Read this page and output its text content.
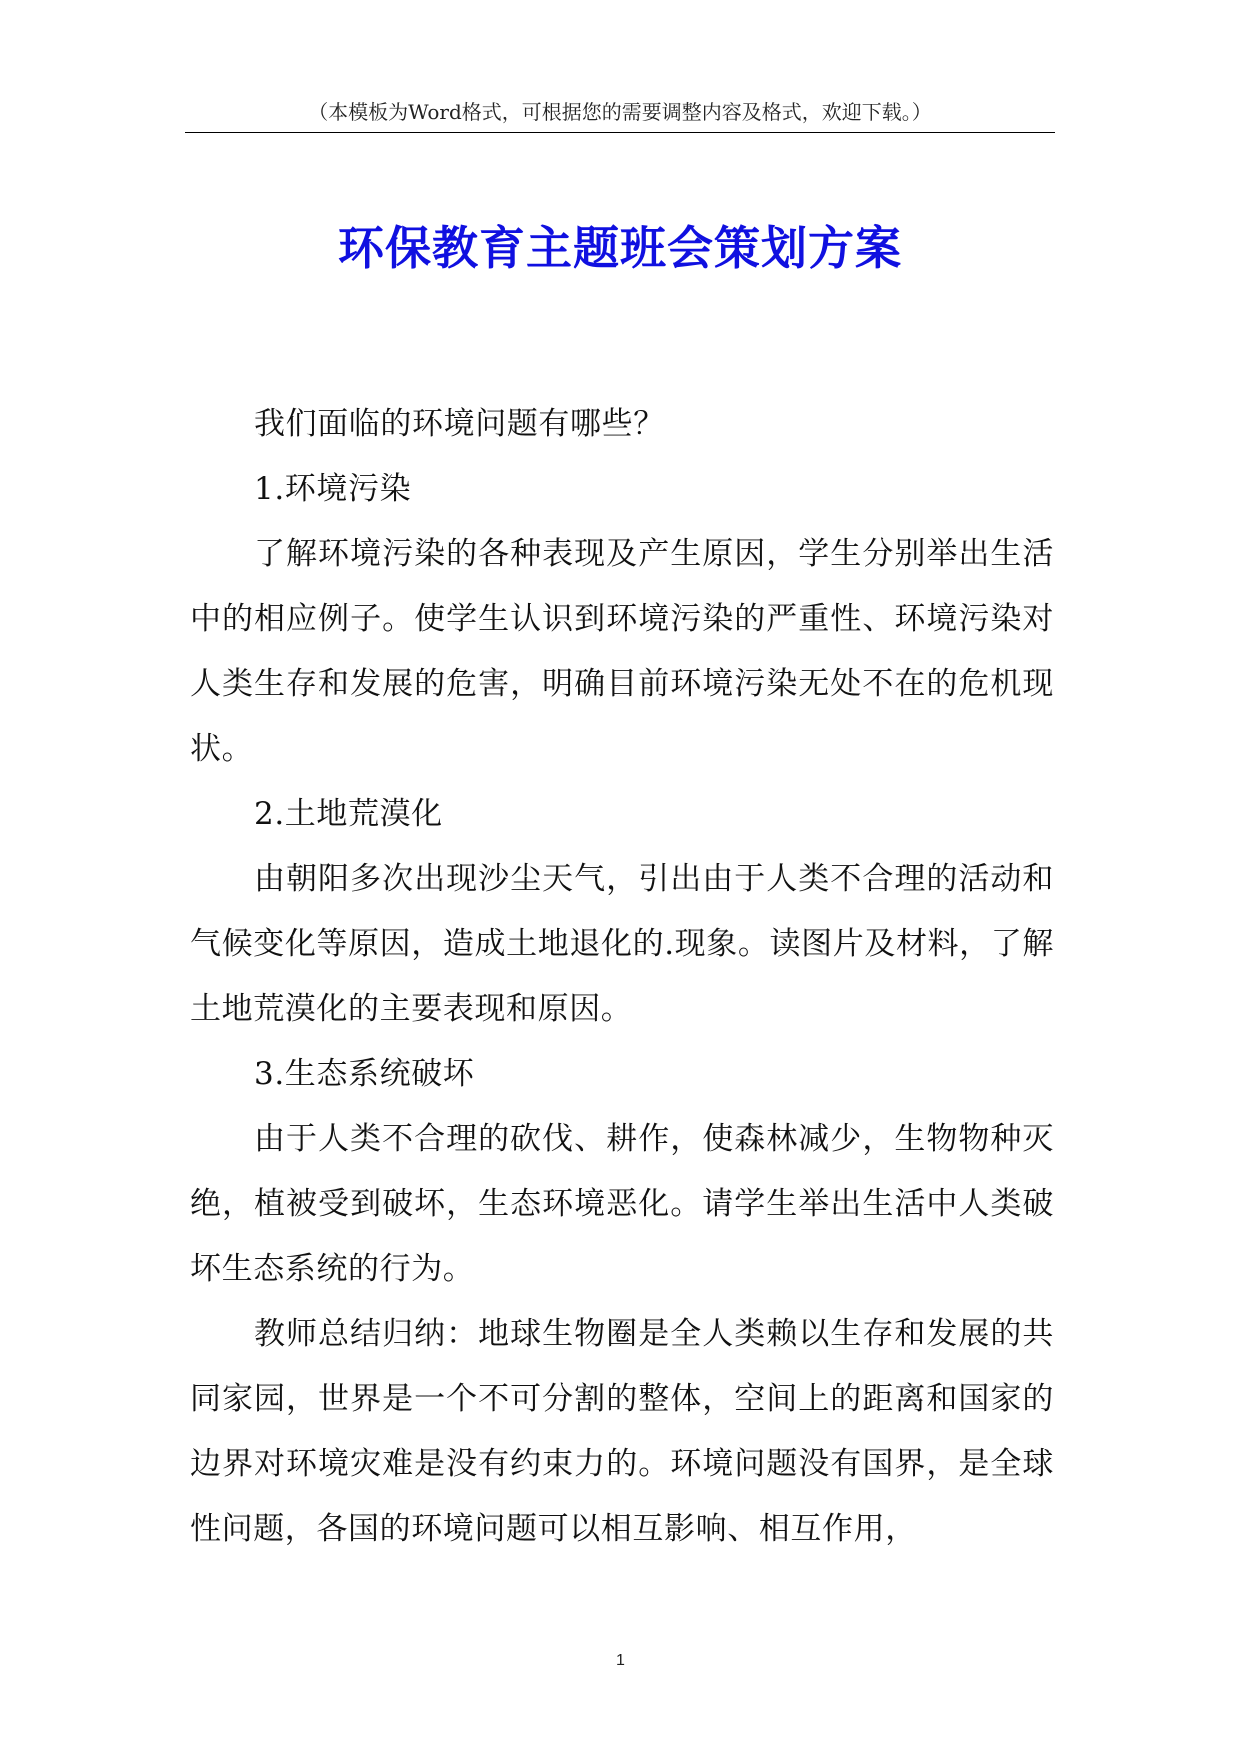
（本模板为Word格式，可根据您的需要调整内容及格式，欢迎下载。）
环保教育主题班会策划方案

我们面临的环境问题有哪些？

1.环境污染

了解环境污染的各种表现及产生原因，学生分别举出生活中的相应例子。使学生认识到环境污染的严重性、环境污染对人类生存和发展的危害，明确目前环境污染无处不在的危机现状。

2.土地荒漠化

由朝阳多次出现沙尘天气，引出由于人类不合理的活动和气候变化等原因，造成土地退化的.现象。读图片及材料，了解土地荒漠化的主要表现和原因。

3.生态系统破坏

由于人类不合理的砍伐、耕作，使森林减少，生物物种灭绝，植被受到破坏，生态环境恶化。请学生举出生活中人类破坏生态系统的行为。

教师总结归纳：地球生物圈是全人类赖以生存和发展的共同家园，世界是一个不可分割的整体，空间上的距离和国家的边界对环境灾难是没有约束力的。环境问题没有国界，是全球性问题，各国的环境问题可以相互影响、相互作用，

1
